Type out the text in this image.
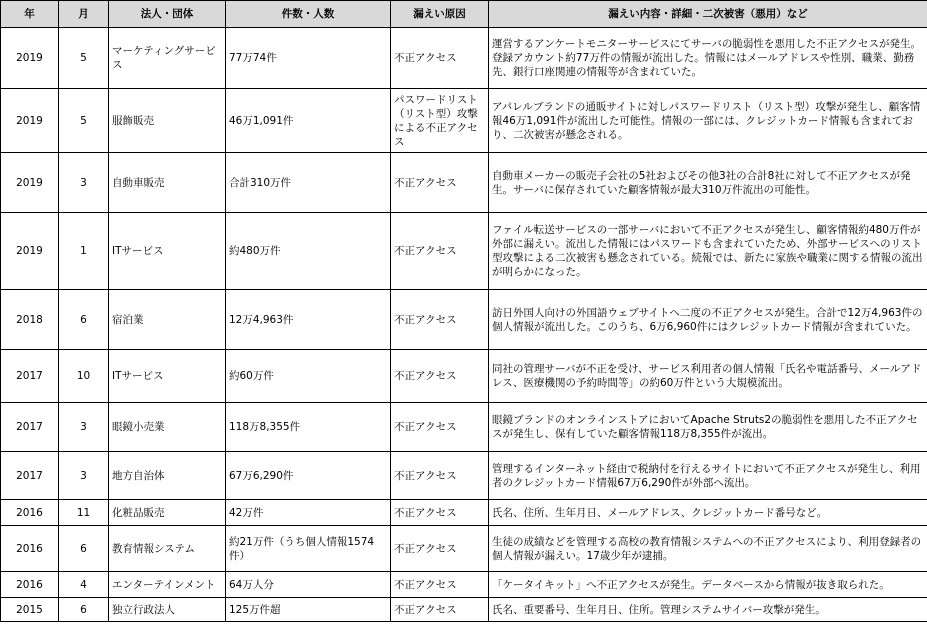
年	月	法人・団体	件数・人数	漏えい原因	漏えい内容・詳細・二次被害（悪用）など
2019	5	マーケティングサービス	77万74件	不正アクセス	運営するアンケートモニターサービスにてサーバの脆弱性を悪用した不正アクセスが発生。登録アカウント約77万件の情報が流出した。情報にはメールアドレスや性別、職業、勤務先、銀行口座関連の情報等が含まれていた。
2019	5	服飾販売	46万1,091件	パスワードリスト（リスト型）攻撃による不正アクセス	アパレルブランドの通販サイトに対しパスワードリスト（リスト型）攻撃が発生し、顧客情報46万1,091件が流出した可能性。情報の一部には、クレジットカード情報も含まれており、二次被害が懸念される。
2019	3	自動車販売	合計310万件	不正アクセス	自動車メーカーの販売子会社の5社およびその他3社の合計8社に対して不正アクセスが発生。サーバに保存されていた顧客情報が最大310万件流出の可能性。
2019	1	ITサービス	約480万件	不正アクセス	ファイル転送サービスの一部サーバにおいて不正アクセスが発生し、顧客情報約480万件が外部に漏えい。流出した情報にはパスワードも含まれていたため、外部サービスへのリスト型攻撃による二次被害も懸念されている。続報では、新たに家族や職業に関する情報の流出が明らかになった。
2018	6	宿泊業	12万4,963件	不正アクセス	訪日外国人向けの外国語ウェブサイトへ二度の不正アクセスが発生。合計で12万4,963件の個人情報が流出した。このうち、6万6,960件にはクレジットカード情報が含まれていた。
2017	10	ITサービス	約60万件	不正アクセス	同社の管理サーバが不正を受け、サービス利用者の個人情報「氏名や電話番号、メールアドレス、医療機関の予約時間等」の約60万件という大規模流出。
2017	3	眼鏡小売業	118万8,355件	不正アクセス	眼鏡ブランドのオンラインストアにおいてApache Struts2の脆弱性を悪用した不正アクセスが発生し、保有していた顧客情報118万8,355件が流出。
2017	3	地方自治体	67万6,290件	不正アクセス	管理するインターネット経由で税納付を行えるサイトにおいて不正アクセスが発生し、利用者のクレジットカード情報67万6,290件が外部へ流出。
2016	11	化粧品販売	42万件	不正アクセス	氏名、住所、生年月日、メールアドレス、クレジットカード番号など。
2016	6	教育情報システム	約21万件（うち個人情報1574件）	不正アクセス	生徒の成績などを管理する高校の教育情報システムへの不正アクセスにより、利用登録者の個人情報が漏えい。17歳少年が逮捕。
2016	4	エンターテインメント	64万人分	不正アクセス	「ケータイキット」へ不正アクセスが発生。データベースから情報が抜き取られた。
2015	6	独立行政法人	125万件超	不正アクセス	氏名、重要番号、生年月日、住所。管理システムサイバー攻撃が発生。
